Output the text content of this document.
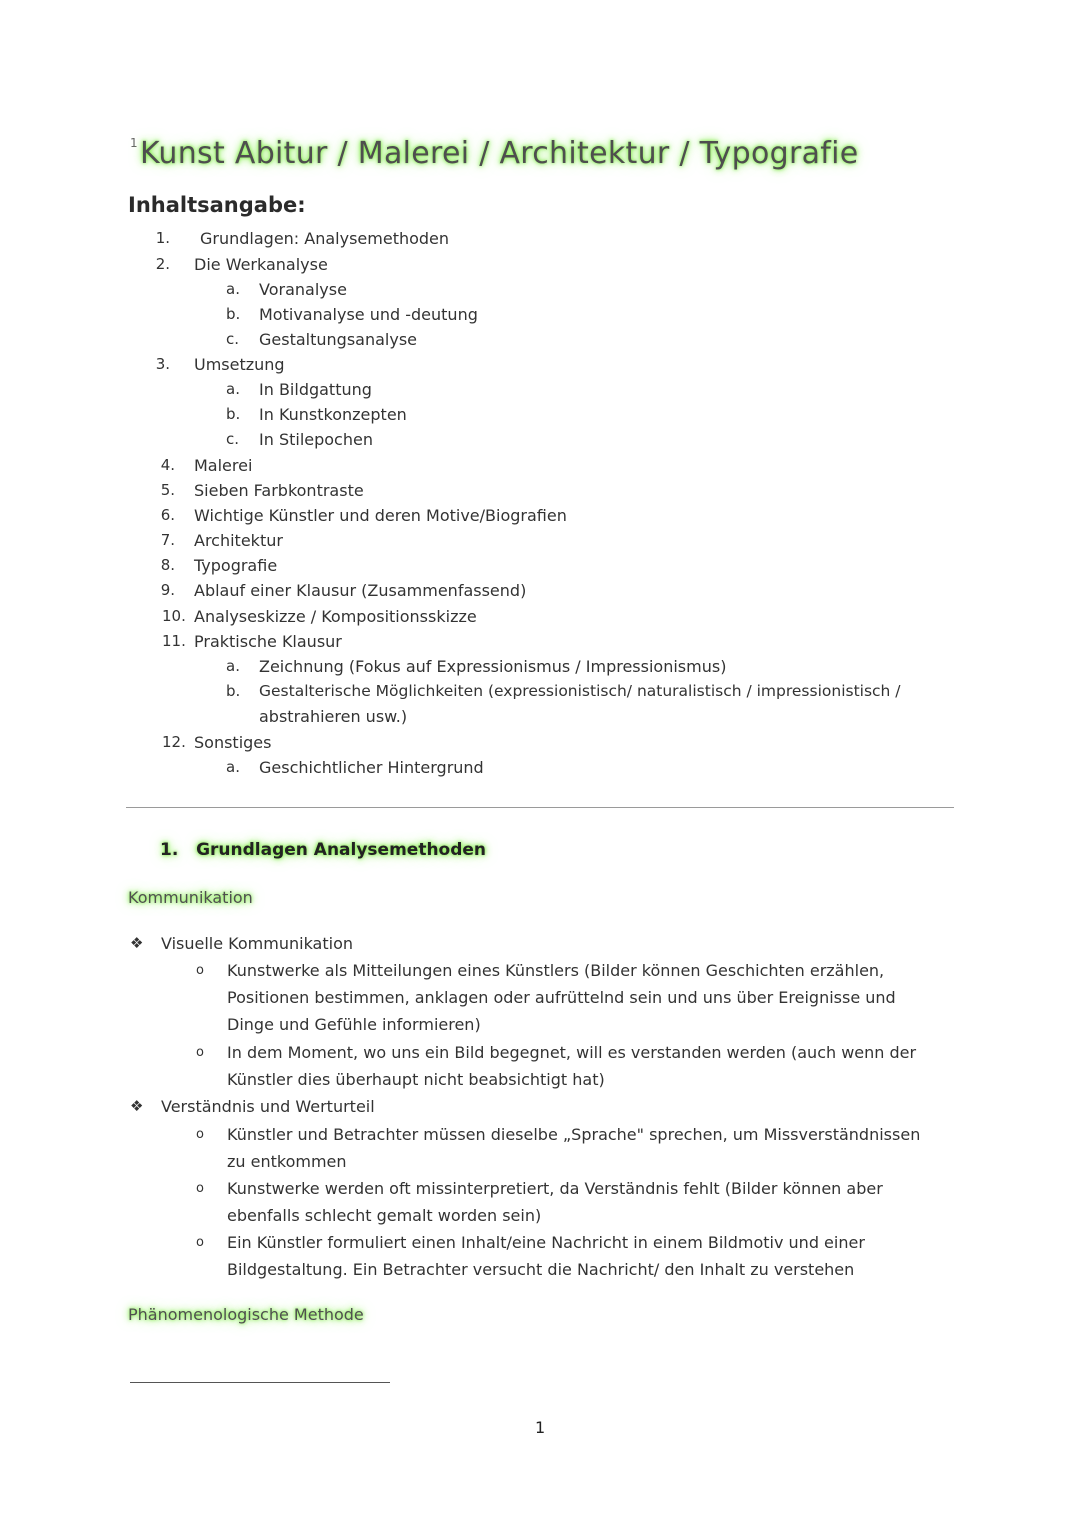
$^1$Kunst Abitur / Malerei / Architektur / Typografie
Inhaltsangabe:
1. Grundlagen: Analysemethoden
2. Die Werkanalyse
a. Voranalyse
b. Motivanalyse und -deutung
c. Gestaltungsanalyse
3. Umsetzung
a. In Bildgattung
b. In Kunstkonzepten
c. In Stilepochen
4. Malerei
5. Sieben Farbkontraste
6. Wichtige Künstler und deren Motive/Biografien
7. Architektur
8. Typografie
9. Ablauf einer Klausur (Zusammenfassend)
10. Analyseskizze / Kompositionsskizze
11. Praktische Klausur
a. Zeichnung (Fokus auf Expressionismus / Impressionismus)
b. Gestalterische Möglichkeiten (expressionistisch/ naturalistisch / impressionistisch /
abstrahieren usw.)
12. Sonstiges
a. Geschichtlicher Hintergrund
1. Grundlagen Analysemethoden
Kommunikation
❖ Visuelle Kommunikation
o Kunstwerke als Mitteilungen eines Künstlers (Bilder können Geschichten erzählen,
Positionen bestimmen, anklagen oder aufrüttelnd sein und uns über Ereignisse und
Dinge und Gefühle informieren)
o In dem Moment, wo uns ein Bild begegnet, will es verstanden werden (auch wenn der
Künstler dies überhaupt nicht beabsichtigt hat)
❖ Verständnis und Werturteil
o Künstler und Betrachter müssen dieselbe „Sprache" sprechen, um Missverständnissen
zu entkommen
o Kunstwerke werden oft missinterpretiert, da Verständnis fehlt (Bilder können aber
ebenfalls schlecht gemalt worden sein)
o Ein Künstler formuliert einen Inhalt/eine Nachricht in einem Bildmotiv und einer
Bildgestaltung. Ein Betrachter versucht die Nachricht/ den Inhalt zu verstehen
Phänomenologische Methode
1
